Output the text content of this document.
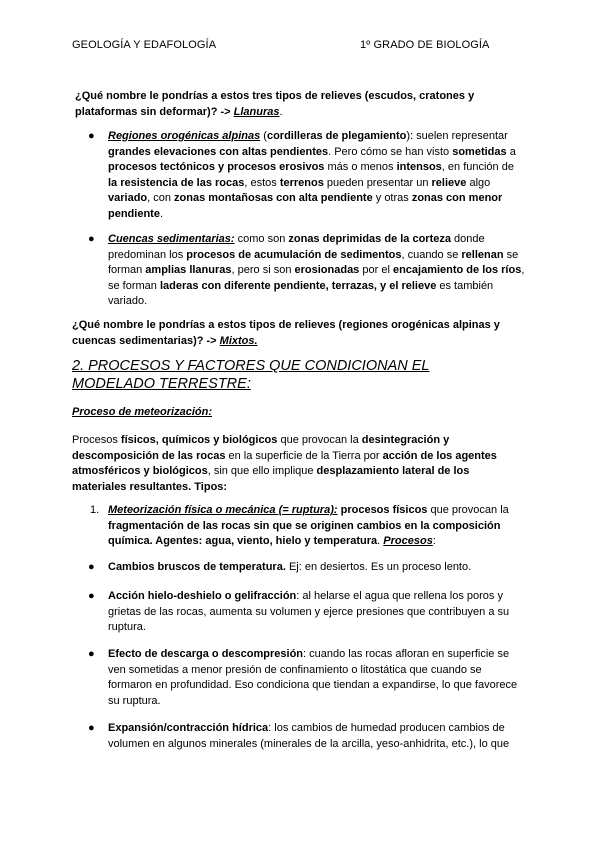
GEOLOGÍA Y EDAFOLOGÍA	1º GRADO DE BIOLOGÍA
¿Qué nombre le pondrías a estos tres tipos de relieves (escudos, cratones y plataformas sin deformar)? -> Llanuras.
●	Regiones orogénicas alpinas (cordilleras de plegamiento): suelen representar grandes elevaciones con altas pendientes. Pero cómo se han visto sometidas a procesos tectónicos y procesos erosivos más o menos intensos, en función de la resistencia de las rocas, estos terrenos pueden presentar un relieve algo variado, con zonas montañosas con alta pendiente y otras zonas con menor pendiente.
●	Cuencas sedimentarias: como son zonas deprimidas de la corteza donde predominan los procesos de acumulación de sedimentos, cuando se rellenan se forman amplias llanuras, pero si son erosionadas por el encajamiento de los ríos, se forman laderas con diferente pendiente, terrazas, y el relieve es también variado.
¿Qué nombre le pondrías a estos tipos de relieves (regiones orogénicas alpinas y cuencas sedimentarias)? -> Mixtos.
2. PROCESOS Y FACTORES QUE CONDICIONAN EL MODELADO TERRESTRE:
Proceso de meteorización:
Procesos físicos, químicos y biológicos que provocan la desintegración y descomposición de las rocas en la superficie de la Tierra por acción de los agentes atmosféricos y biológicos, sin que ello implique desplazamiento lateral de los materiales resultantes. Tipos:
1. Meteorización física o mecánica (= ruptura): procesos físicos que provocan la fragmentación de las rocas sin que se originen cambios en la composición química. Agentes: agua, viento, hielo y temperatura. Procesos:
●	Cambios bruscos de temperatura. Ej: en desiertos. Es un proceso lento.
●	Acción hielo-deshielo o gelifracción: al helarse el agua que rellena los poros y grietas de las rocas, aumenta su volumen y ejerce presiones que contribuyen a su ruptura.
●	Efecto de descarga o descompresión: cuando las rocas afloran en superficie se ven sometidas a menor presión de confinamiento o litostática que cuando se formaron en profundidad. Eso condiciona que tiendan a expandirse, lo que favorece su ruptura.
●	Expansión/contracción hídrica: los cambios de humedad producen cambios de volumen en algunos minerales (minerales de la arcilla, yeso-anhidrita, etc.), lo que
